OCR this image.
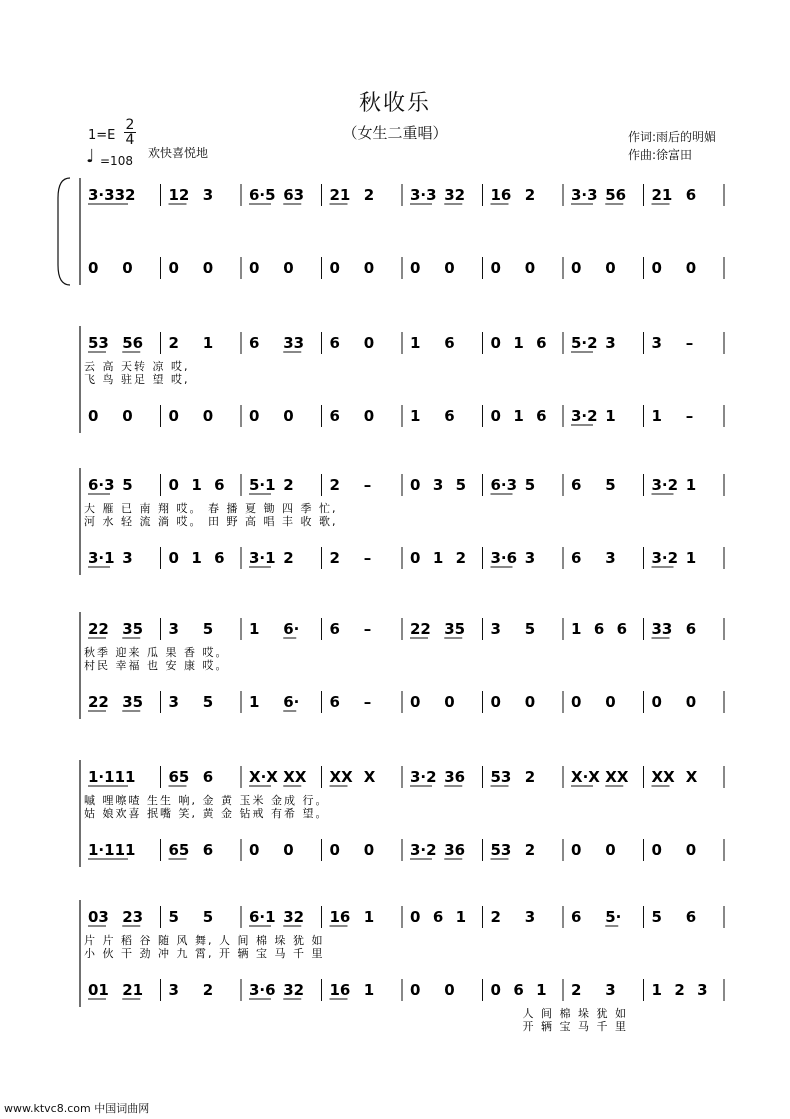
秋收乐
（女生二重唱）
1=E
2
4
♩ =108
欢快喜悦地
作词:雨后的明媚
作曲:徐富田
3·332 12 3 6·5 63 21 2 3·3 32 16 2 3·3 56 21 6
0 0 0 0 0 0 0 0 0 0 0 0 0 0 0 0
53 56 2 1 6 33 6 0 1 6 0 1 6 5·2 3 3 –
0 0 0 0 0 0 6 0 1 6 0 1 6 3·2 1 1 –
云 高 天转 凉 哎,
飞 鸟 驻足 望 哎,
6·3 5 0 1 6 5·1 2 2 –	0 3 5 6·3 5 6 5 3·2 1
3·1 3 0 1 6 3·1 2 2 –	0 1 2 3·6 3 6 3 3·2 1
大 雁 已 南 翔 哎。 春 播 夏 锄 四 季 忙,
河 水 轻 流 淌 哎。 田 野 高 唱 丰 收 歌,
22 35 3 5 1 6· 6 –	22 35 3 5 1 6 6 33 6
22 35 3 5 1 6· 6 –	0 0 0 0 0 0 0 0
秋季 迎来 瓜 果 香 哎。
村民 幸福 也 安 康 哎。
1·111 65 6 X·X XX XX X 3·2 36 53 2 X·X XX XX X
1·111 65 6 0 0 0 0 3·2 36 53 2 0 0 0 0
嘁 哩嚓喳 生生 响, 金 黄 玉米 金成 行。
姑 娘欢喜 抿嘴 笑, 黄 金 钻戒 有希 望。
03 23 5 5 6·1 32 16 1 0 6 1 2 3 6 5· 5 6
01 21 3 2 3·6 32 16 1 0 0 0 6 1 2 3 1 2 3
片 片 稻 谷 随 风 舞, 人 间 棉 垛 犹 如
小 伙 干 劲 冲 九 霄, 开 辆 宝 马 千 里
人 间 棉 垛 犹 如
开 辆 宝 马 千 里
www.ktvc8.com 中国词曲网
